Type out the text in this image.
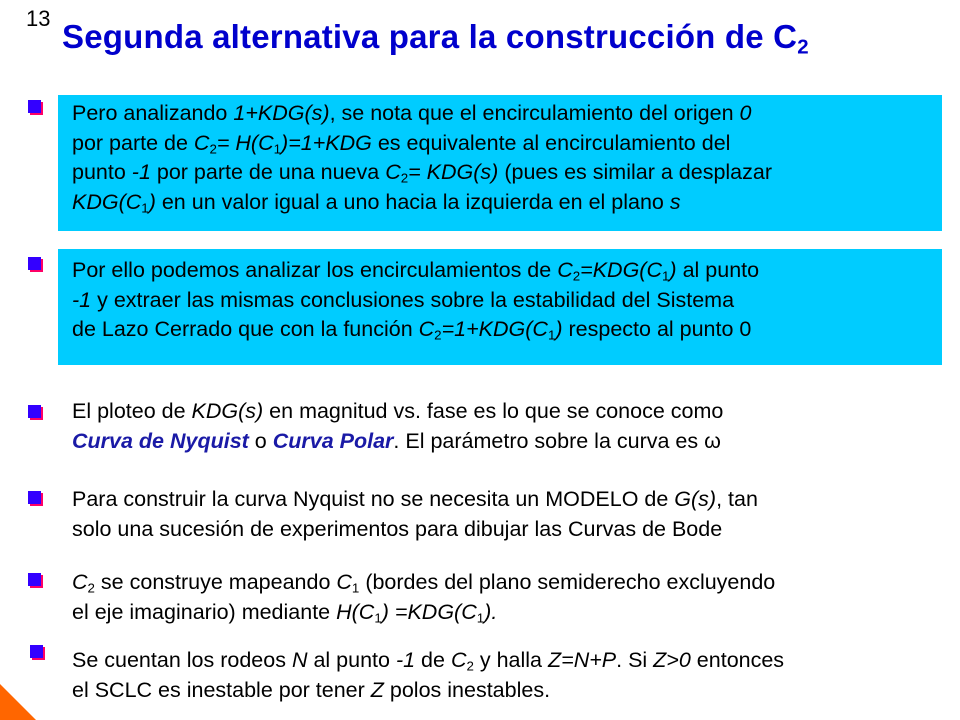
13 Segunda alternativa para la construcción de $C_2$
Pero analizando 1+KDG(s), se nota que el encirculamiento del origen 0
por parte de $C_2= H(C_1)=1+KDG$ es equivalente al encirculamiento del
punto -1 por parte de una nueva $C_2= KDG(s)$ (pues es similar a desplazar
$KDG(C_1)$ en un valor igual a uno hacia la izquierda en el plano s
Por ello podemos analizar los encirculamientos de $C_2=KDG(C_1)$ al punto
-1 y extraer las mismas conclusiones sobre la estabilidad del Sistema
de Lazo Cerrado que con la función $C_2=1+KDG(C_1)$ respecto al punto 0
El ploteo de KDG(s) en magnitud vs. fase es lo que se conoce como
Curva de Nyquist o Curva Polar. El parámetro sobre la curva es ω
Para construir la curva Nyquist no se necesita un MODELO de G(s), tan
solo una sucesión de experimentos para dibujar las Curvas de Bode
$C_2$ se construye mapeando $C_1$ (bordes del plano semiderecho excluyendo
el eje imaginario) mediante $H(C_1) =KDG(C_1)$.
Se cuentan los rodeos N al punto -1 de $C_2$ y halla Z=N+P. Si Z>0 entonces
el SCLC es inestable por tener Z polos inestables.
